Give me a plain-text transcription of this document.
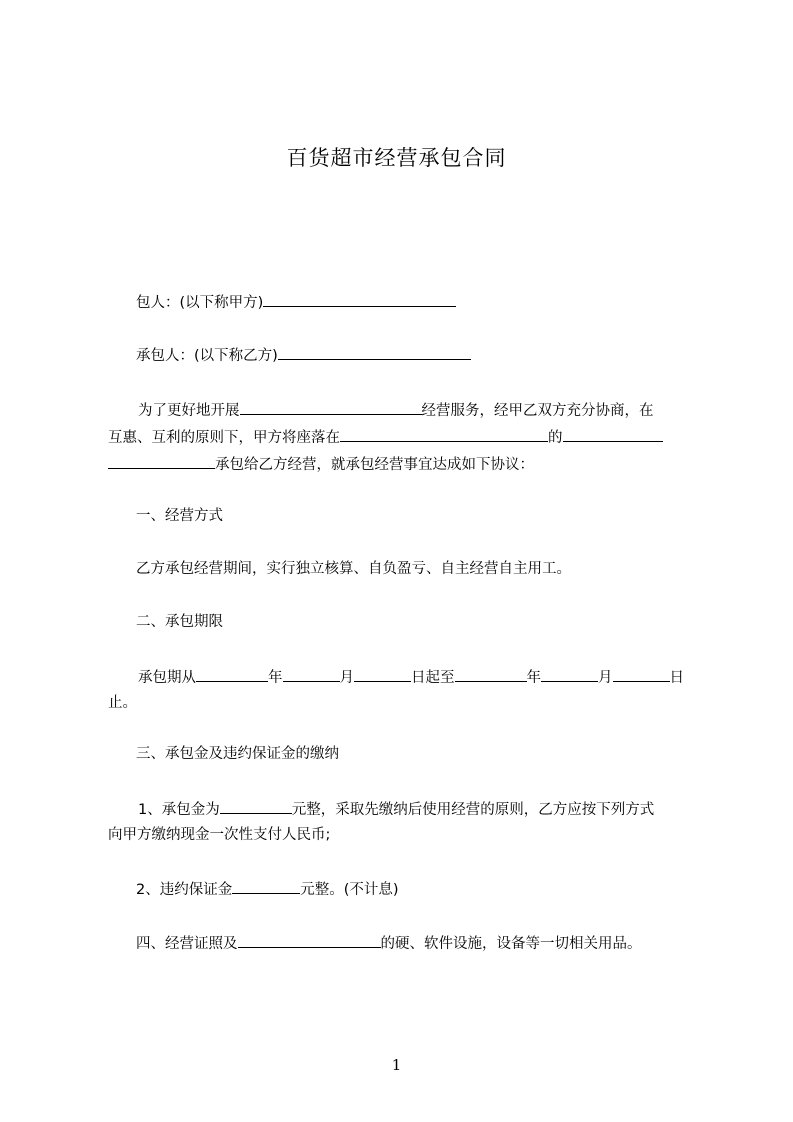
百货超市经营承包合同
包人：(以下称甲方)
承包人：(以下称乙方)
为了更好地开展	经营服务，经甲乙双方充分协商，在
互惠、互利的原则下，甲方将座落在	的
承包给乙方经营，就承包经营事宜达成如下协议：
一、经营方式
乙方承包经营期间，实行独立核算、自负盈亏、自主经营自主用工。
二、承包期限
承包期从	年	月	日起至	年	月	日
止。
三、承包金及违约保证金的缴纳
1、承包金为	元整，采取先缴纳后使用经营的原则，乙方应按下列方式
向甲方缴纳现金一次性支付人民币;
2、违约保证金	元整。(不计息)
四、经营证照及	的硬、软件设施，设备等一切相关用品。
1
